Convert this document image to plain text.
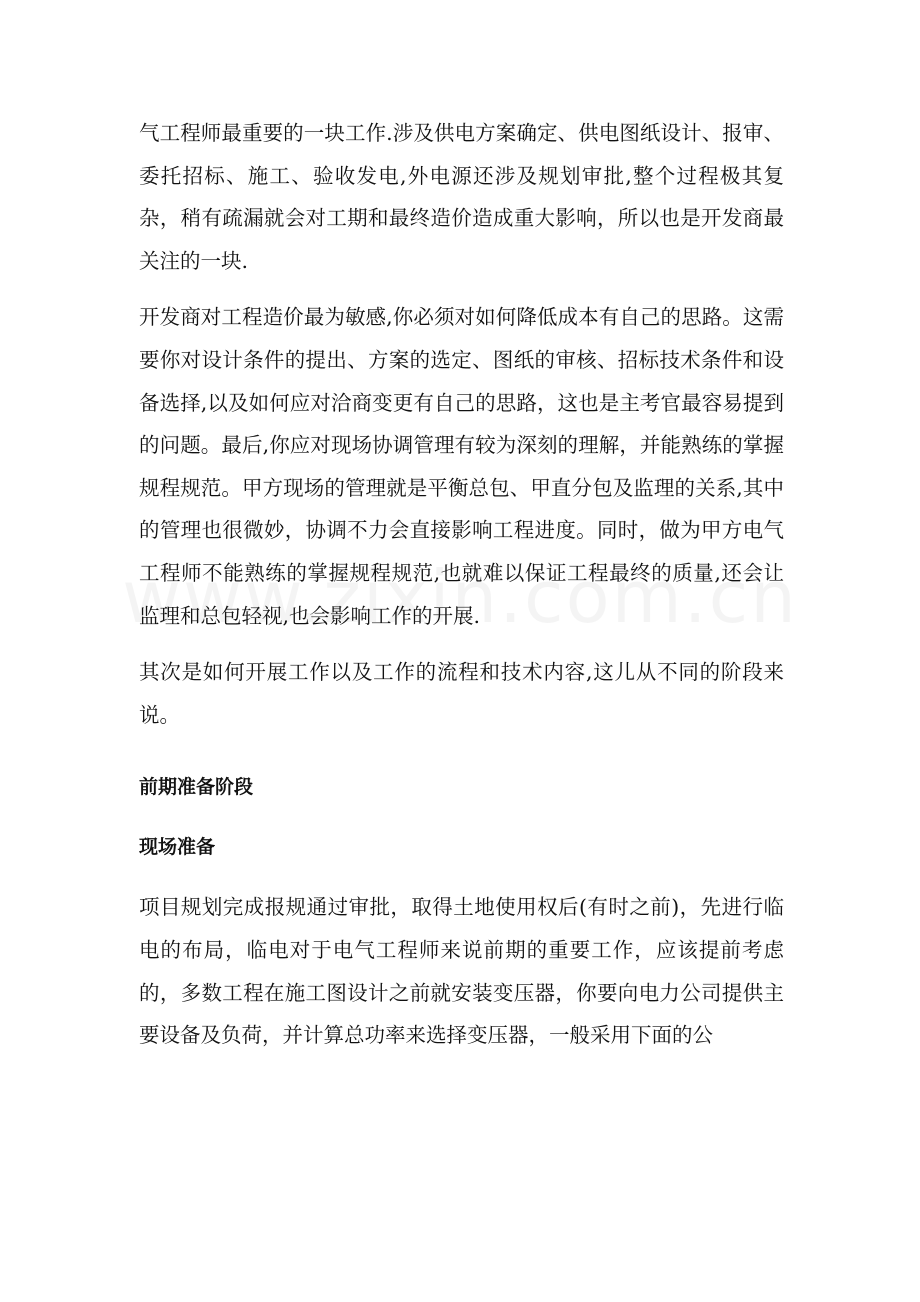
气工程师最重要的一块工作.涉及供电方案确定、供电图纸设计、报审、委托招标、施工、验收发电,外电源还涉及规划审批,整个过程极其复杂，稍有疏漏就会对工期和最终造价造成重大影响，所以也是开发商最关注的一块.

开发商对工程造价最为敏感,你必须对如何降低成本有自己的思路。这需要你对设计条件的提出、方案的选定、图纸的审核、招标技术条件和设备选择,以及如何应对洽商变更有自己的思路，这也是主考官最容易提到的问题。最后,你应对现场协调管理有较为深刻的理解，并能熟练的掌握规程规范。甲方现场的管理就是平衡总包、甲直分包及监理的关系,其中的管理也很微妙，协调不力会直接影响工程进度。同时，做为甲方电气工程师不能熟练的掌握规程规范,也就难以保证工程最终的质量,还会让监理和总包轻视,也会影响工作的开展.

其次是如何开展工作以及工作的流程和技术内容,这儿从不同的阶段来说。

前期准备阶段
现场准备

项目规划完成报规通过审批，取得土地使用权后(有时之前)，先进行临电的布局，临电对于电气工程师来说前期的重要工作，应该提前考虑的，多数工程在施工图设计之前就安装变压器，你要向电力公司提供主要设备及负荷，并计算总功率来选择变压器，一般采用下面的公
